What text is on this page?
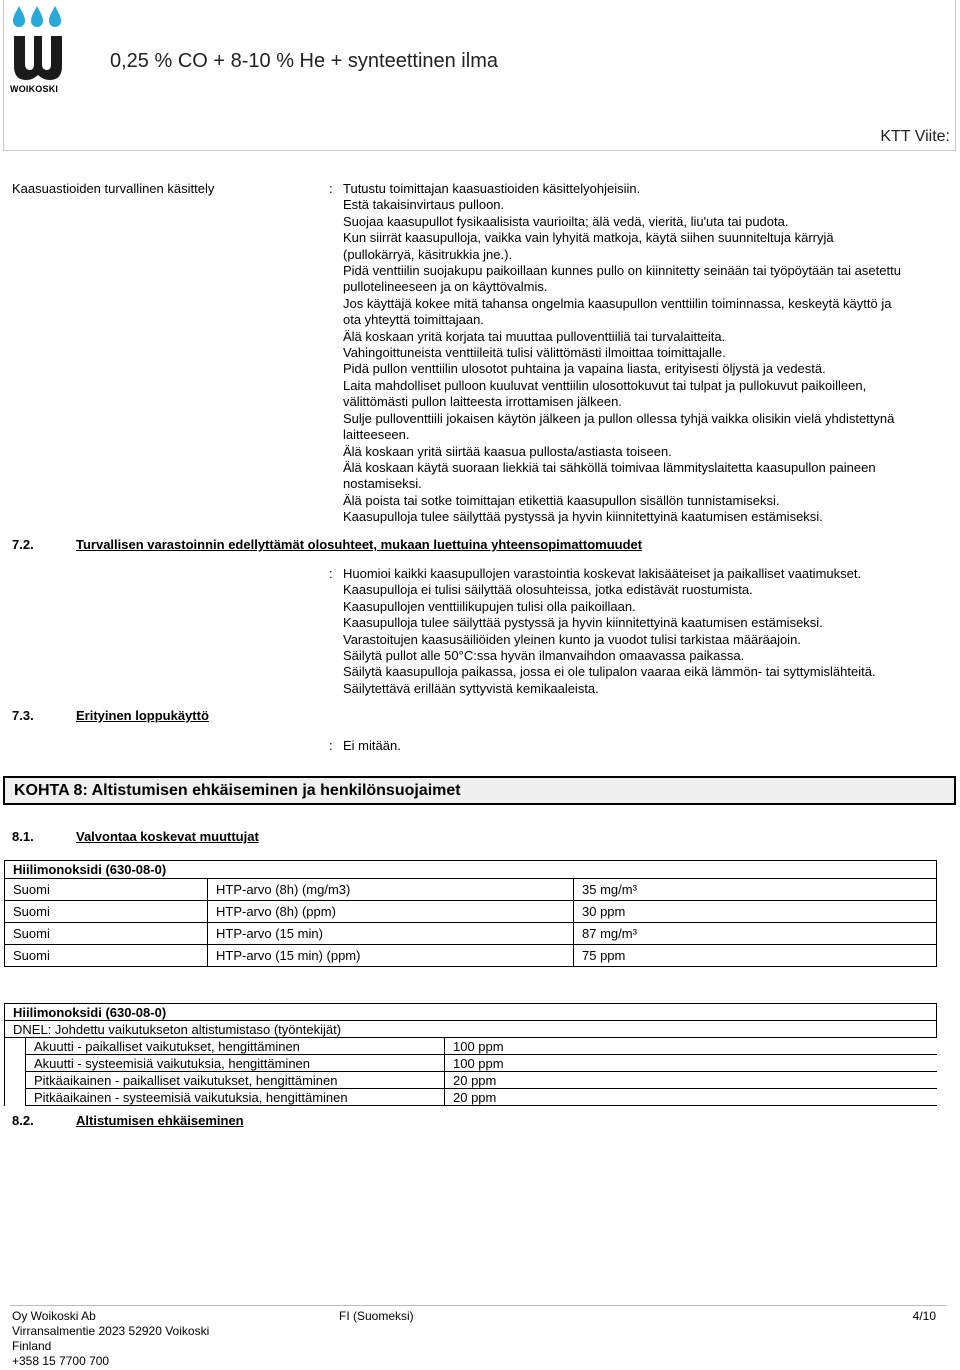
WOIKOSKI
0,25 % CO + 8-10 % He + synteettinen ilma
KTT Viite:
Kaasuastioiden turvallinen käsittely	: Tutustu toimittajan kaasuastioiden käsittelyohjeisiin.
Estä takaisinvirtaus pulloon.
Suojaa kaasupullot fysikaalisista vaurioilta; älä vedä, vieritä, liu'uta tai pudota.
Kun siirrät kaasupulloja, vaikka vain lyhyitä matkoja, käytä siihen suunniteltuja kärryjä
(pullokärryä, käsitrukkia jne.).
Pidä venttiilin suojakupu paikoillaan kunnes pullo on kiinnitetty seinään tai työpöytään tai asetettu
pullotelineeseen ja on käyttövalmis.
Jos käyttäjä kokee mitä tahansa ongelmia kaasupullon venttiilin toiminnassa, keskeytä käyttö ja
ota yhteyttä toimittajaan.
Älä koskaan yritä korjata tai muuttaa pulloventtiiliä tai turvalaitteita.
Vahingoittuneista venttiileitä tulisi välittömästi ilmoittaa toimittajalle.
Pidä pullon venttiilin ulosotot puhtaina ja vapaina liasta, erityisesti öljystä ja vedestä.
Laita mahdolliset pulloon kuuluvat venttiilin ulosottokuvut tai tulpat ja pullokuvut paikoilleen,
välittömästi pullon laitteesta irrottamisen jälkeen.
Sulje pulloventtiili jokaisen käytön jälkeen ja pullon ollessa tyhjä vaikka olisikin vielä yhdistettynä
laitteeseen.
Älä koskaan yritä siirtää kaasua pullosta/astiasta toiseen.
Älä koskaan käytä suoraan liekkiä tai sähköllä toimivaa lämmityslaitetta kaasupullon paineen
nostamiseksi.
Älä poista tai sotke toimittajan etikettiä kaasupullon sisällön tunnistamiseksi.
Kaasupulloja tulee säilyttää pystyssä ja hyvin kiinnitettyinä kaatumisen estämiseksi.
7.2.	Turvallisen varastoinnin edellyttämät olosuhteet, mukaan luettuina yhteensopimattomuudet
: Huomioi kaikki kaasupullojen varastointia koskevat lakisääteiset ja paikalliset vaatimukset.
Kaasupulloja ei tulisi säilyttää olosuhteissa, jotka edistävät ruostumista.
Kaasupullojen venttiilikupujen tulisi olla paikoillaan.
Kaasupulloja tulee säilyttää pystyssä ja hyvin kiinnitettyinä kaatumisen estämiseksi.
Varastoitujen kaasusäiliöiden yleinen kunto ja vuodot tulisi tarkistaa määräajoin.
Säilytä pullot alle 50°C:ssa hyvän ilmanvaihdon omaavassa paikassa.
Säilytä kaasupulloja paikassa, jossa ei ole tulipalon vaaraa eikä lämmön- tai syttymislähteitä.
Säilytettävä erillään syttyvistä kemikaaleista.
7.3.	Erityinen loppukäyttö
: Ei mitään.
KOHTA 8: Altistumisen ehkäiseminen ja henkilönsuojaimet
8.1.	Valvontaa koskevat muuttujat
Hiilimonoksidi (630-08-0)		
Suomi	HTP-arvo (8h) (mg/m3)	35 mg/m³
Suomi	HTP-arvo (8h) (ppm)	30 ppm
Suomi	HTP-arvo (15 min)	87 mg/m³
Suomi	HTP-arvo (15 min) (ppm)	75 ppm
Hiilimonoksidi (630-08-0)		
DNEL: Johdettu vaikutukseton altistumistaso (työntekijät)		
	Akuutti - paikalliset vaikutukset, hengittäminen	100 ppm
	Akuutti - systeemisiä vaikutuksia, hengittäminen	100 ppm
	Pitkäaikainen - paikalliset vaikutukset, hengittäminen	20 ppm
	Pitkäaikainen - systeemisiä vaikutuksia, hengittäminen	20 ppm
8.2.	Altistumisen ehkäiseminen
Oy Woikoski Ab
Virransalmentie 2023 52920 Voikoski
Finland
+358 15 7700 700
FI (Suomeksi)	4/10
